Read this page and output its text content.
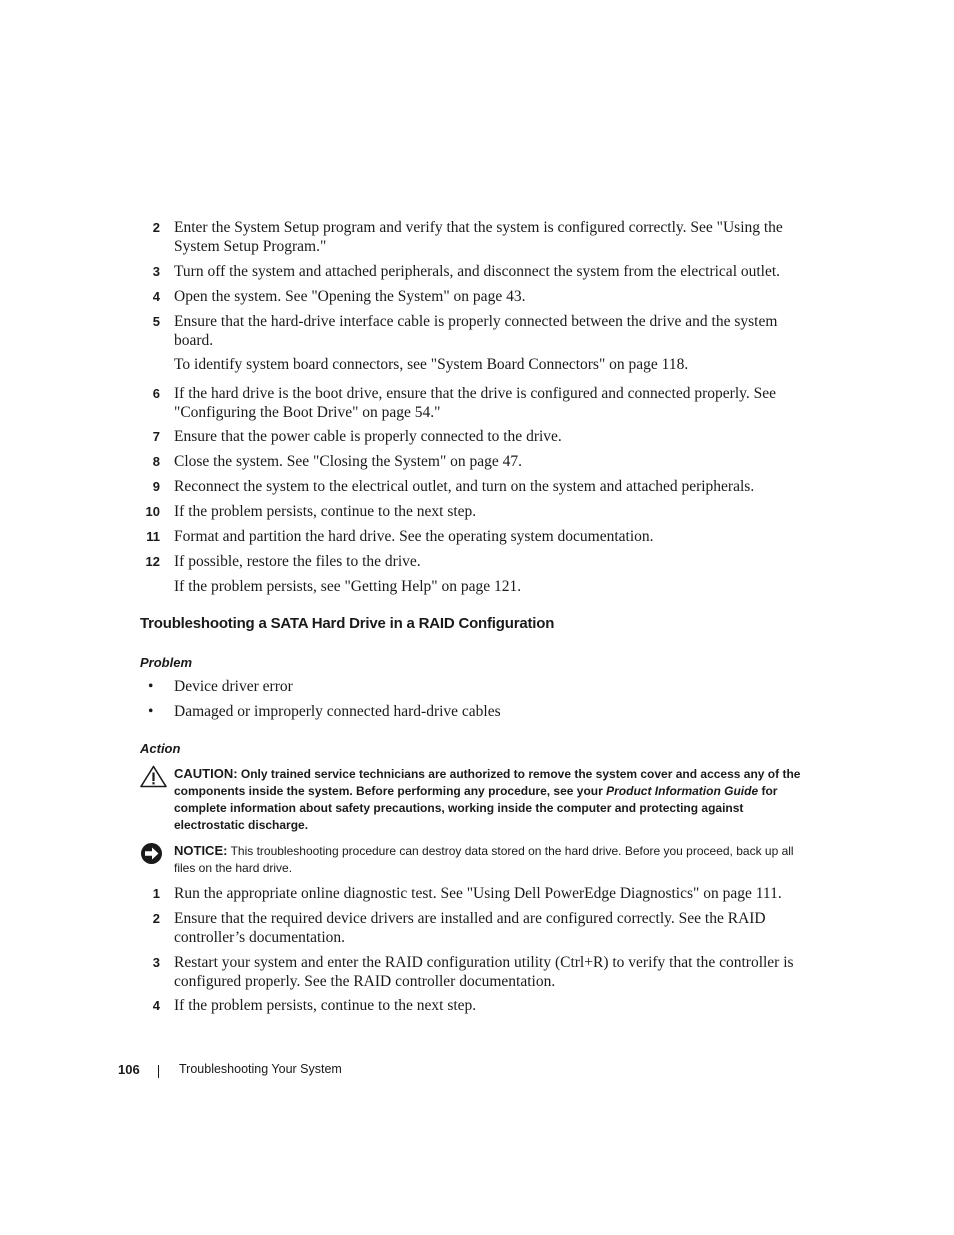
2 Enter the System Setup program and verify that the system is configured correctly. See "Using the System Setup Program."
3 Turn off the system and attached peripherals, and disconnect the system from the electrical outlet.
4 Open the system. See "Opening the System" on page 43.
5 Ensure that the hard-drive interface cable is properly connected between the drive and the system board.
To identify system board connectors, see "System Board Connectors" on page 118.
6 If the hard drive is the boot drive, ensure that the drive is configured and connected properly. See "Configuring the Boot Drive" on page 54."
7 Ensure that the power cable is properly connected to the drive.
8 Close the system. See "Closing the System" on page 47.
9 Reconnect the system to the electrical outlet, and turn on the system and attached peripherals.
10 If the problem persists, continue to the next step.
11 Format and partition the hard drive. See the operating system documentation.
12 If possible, restore the files to the drive.
If the problem persists, see "Getting Help" on page 121.
Troubleshooting a SATA Hard Drive in a RAID Configuration
Problem
• Device driver error
• Damaged or improperly connected hard-drive cables
Action
CAUTION: Only trained service technicians are authorized to remove the system cover and access any of the components inside the system. Before performing any procedure, see your Product Information Guide for complete information about safety precautions, working inside the computer and protecting against electrostatic discharge.
NOTICE: This troubleshooting procedure can destroy data stored on the hard drive. Before you proceed, back up all files on the hard drive.
1 Run the appropriate online diagnostic test. See "Using Dell PowerEdge Diagnostics" on page 111.
2 Ensure that the required device drivers are installed and are configured correctly. See the RAID controller’s documentation.
3 Restart your system and enter the RAID configuration utility (Ctrl+R) to verify that the controller is configured properly. See the RAID controller documentation.
4 If the problem persists, continue to the next step.
106	Troubleshooting Your System
